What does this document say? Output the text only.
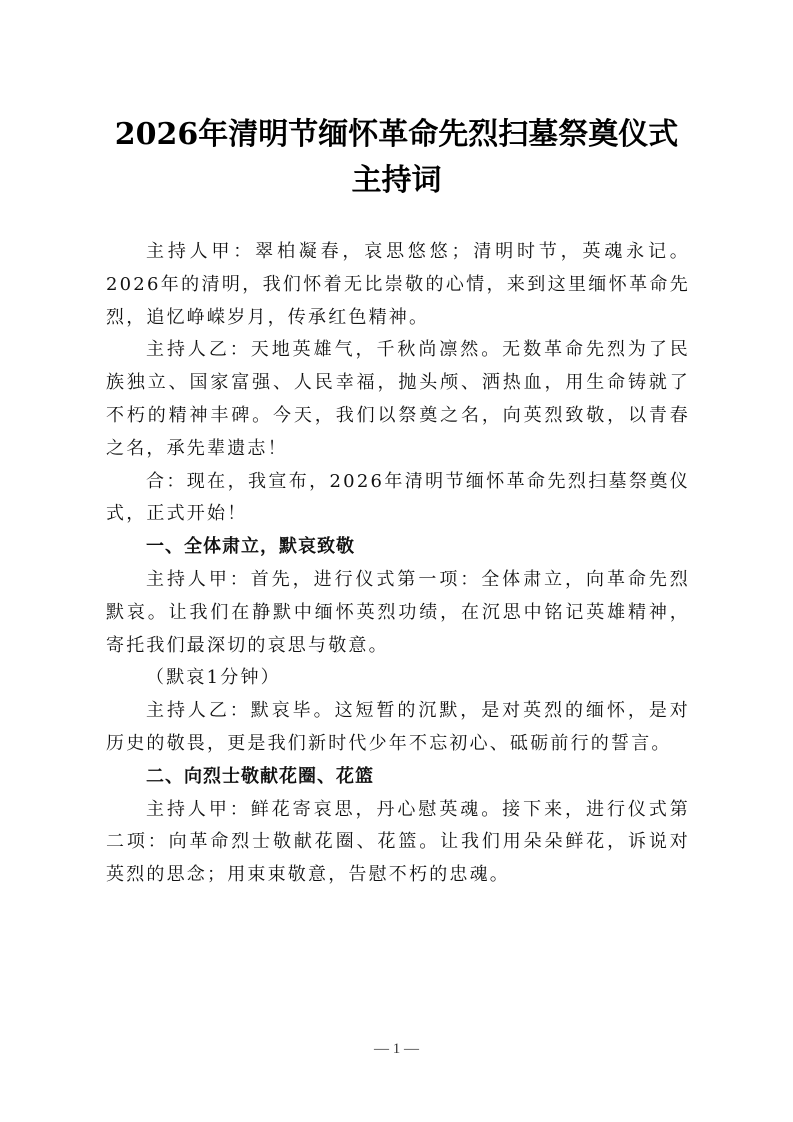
2026年清明节缅怀革命先烈扫墓祭奠仪式
主持词

主持人甲：翠柏凝春，哀思悠悠；清明时节，英魂永记。2026年的清明，我们怀着无比崇敬的心情，来到这里缅怀革命先烈，追忆峥嵘岁月，传承红色精神。

主持人乙：天地英雄气，千秋尚凛然。无数革命先烈为了民族独立、国家富强、人民幸福，抛头颅、洒热血，用生命铸就了不朽的精神丰碑。今天，我们以祭奠之名，向英烈致敬，以青春之名，承先辈遗志！

合：现在，我宣布，2026年清明节缅怀革命先烈扫墓祭奠仪式，正式开始！

一、全体肃立，默哀致敬

主持人甲：首先，进行仪式第一项：全体肃立，向革命先烈默哀。让我们在静默中缅怀英烈功绩，在沉思中铭记英雄精神，寄托我们最深切的哀思与敬意。

（默哀1分钟）

主持人乙：默哀毕。这短暂的沉默，是对英烈的缅怀，是对历史的敬畏，更是我们新时代少年不忘初心、砥砺前行的誓言。

二、向烈士敬献花圈、花篮

主持人甲：鲜花寄哀思，丹心慰英魂。接下来，进行仪式第二项：向革命烈士敬献花圈、花篮。让我们用朵朵鲜花，诉说对英烈的思念；用束束敬意，告慰不朽的忠魂。

— 1 —
